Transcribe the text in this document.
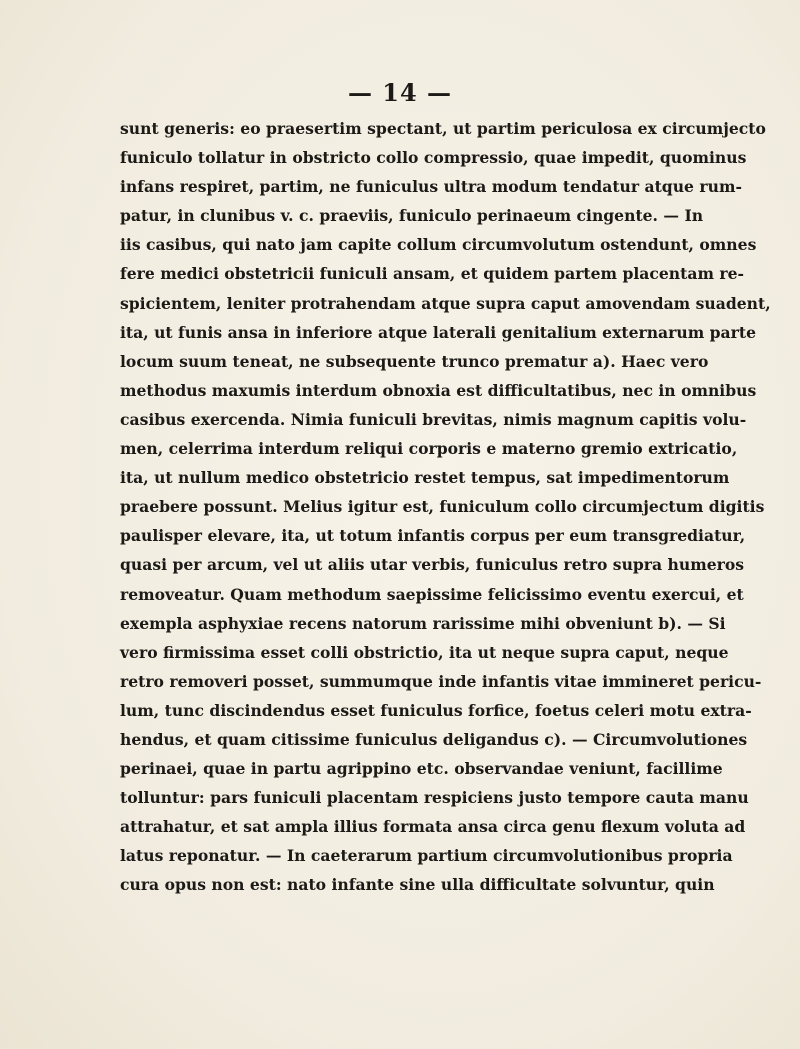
— 14 —
sunt generis: eo praesertim spectant, ut partim periculosa ex circumjecto
funiculo tollatur in obstricto collo compressio, quae impedit, quominus
infans respiret, partim, ne funiculus ultra modum tendatur atque rum-
patur, in clunibus v. c. praeviis, funiculo perinaeum cingente. — In
iis casibus, qui nato jam capite collum circumvolutum ostendunt, omnes
fere medici obstetricii funiculi ansam, et quidem partem placentam re-
spicientem, leniter protrahendam atque supra caput amovendam suadent,
ita, ut funis ansa in inferiore atque laterali genitalium externarum parte
locum suum teneat, ne subsequente trunco prematur a). Haec vero
methodus maxumis interdum obnoxia est difficultatibus, nec in omnibus
casibus exercenda. Nimia funiculi brevitas, nimis magnum capitis volu-
men, celerrima interdum reliqui corporis e materno gremio extricatio,
ita, ut nullum medico obstetricio restet tempus, sat impedimentorum
praebere possunt. Melius igitur est, funiculum collo circumjectum digitis
paulisper elevare, ita, ut totum infantis corpus per eum transgrediatur,
quasi per arcum, vel ut aliis utar verbis, funiculus retro supra humeros
removeatur. Quam methodum saepissime felicissimo eventu exercui, et
exempla asphyxiae recens natorum rarissime mihi obveniunt b). — Si
vero firmissima esset colli obstrictio, ita ut neque supra caput, neque
retro removeri posset, summumque inde infantis vitae immineret pericu-
lum, tunc discindendus esset funiculus forfice, foetus celeri motu extra-
hendus, et quam citissime funiculus deligandus c). — Circumvolutiones
perinaei, quae in partu agrippino etc. observandae veniunt, facillime
tolluntur: pars funiculi placentam respiciens justo tempore cauta manu
attrahatur, et sat ampla illius formata ansa circa genu flexum voluta ad
latus reponatur. — In caeterarum partium circumvolutionibus propria
cura opus non est: nato infante sine ulla difficultate solvuntur, quin
